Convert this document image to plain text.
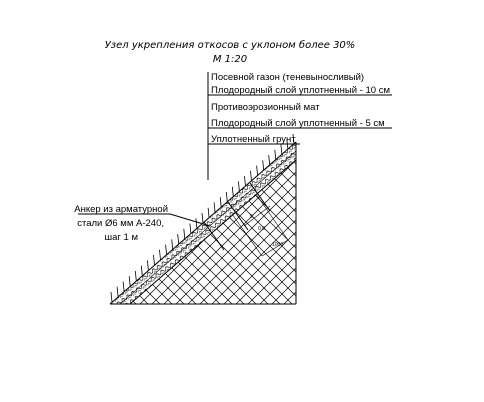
Узел укрепления откосов с уклоном более 30%
М 1:20
5
0.0
1000
Посевной газон (теневыносливый)
Плодородный слой уплотненный - 10 см
Противоэрозионный мат
Плодородный слой уплотненный - 5 см
Уплотненный грунт
Анкер из арматурной
стали Ø6 мм А-240,
шаг 1 м
